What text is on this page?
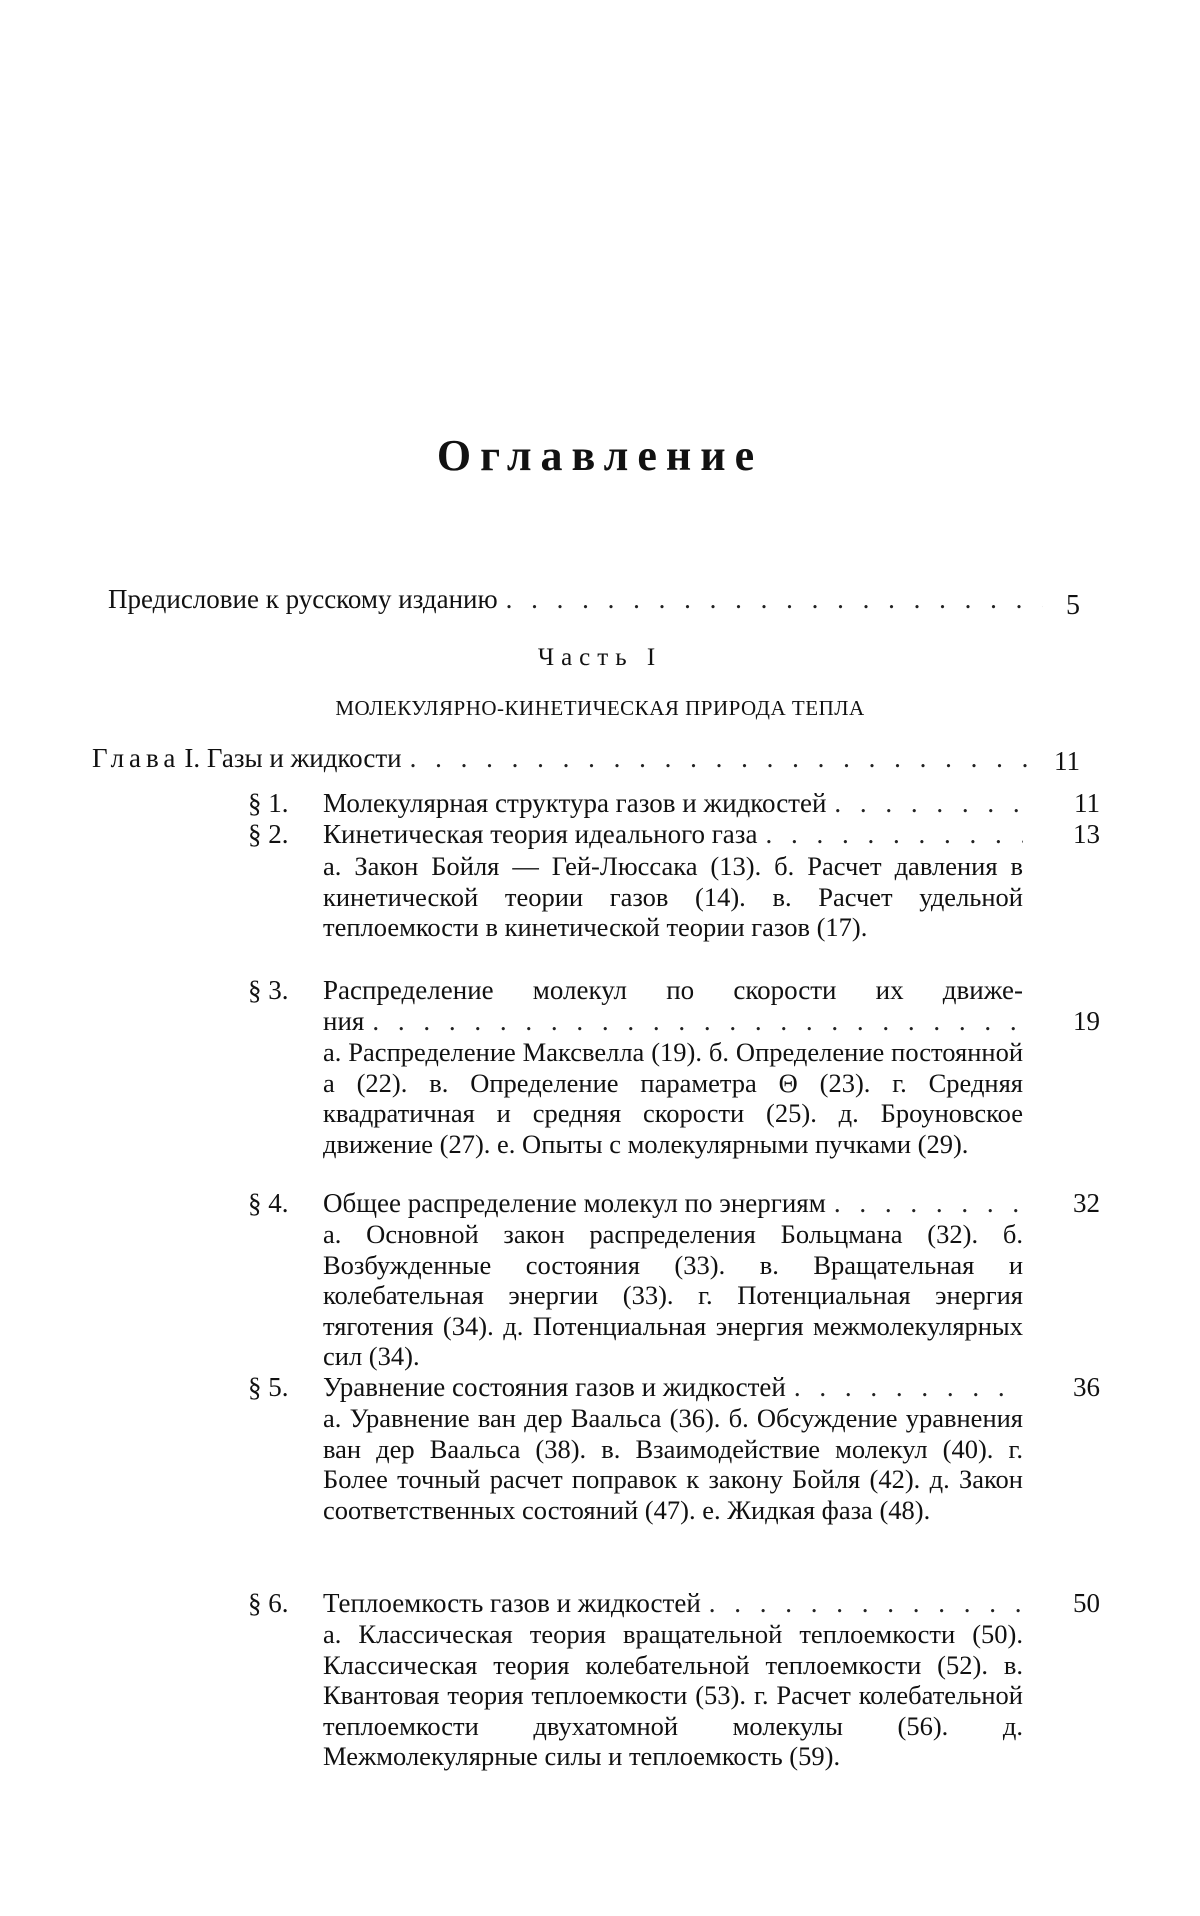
Оглавление
Предисловие к русскому изданию . . .	5
Часть I
МОЛЕКУЛЯРНО-КИНЕТИЧЕСКАЯ ПРИРОДА ТЕПЛА
Глава I. Газы и жидкости . . .	11
§ 1.	Молекулярная структура газов и жидкостей . . .	11
§ 2.	Кинетическая теория идеального газа . . .	13
а. Закон Бойля — Гей-Люссака (13). б. Расчет давления в кинетической теории газов (14). в. Расчет удельной теплоемкости в кинетической теории газов (17).
§ 3.	Распределение молекул по скорости их движе-
ния . . .	19
а. Распределение Максвелла (19). б. Определение постоянной a (22). в. Определение параметра Θ (23). г. Средняя квадратичная и средняя скорости (25). д. Броуновское движение (27). е. Опыты с молекулярными пучками (29).
§ 4.	Общее распределение молекул по энергиям . . .	32
а. Основной закон распределения Больцмана (32). б. Возбужденные состояния (33). в. Вращательная и колебательная энергии (33). г. Потенциальная энергия тяготения (34). д. Потенциальная энергия межмолекулярных сил (34).
§ 5.	Уравнение состояния газов и жидкостей . . .	36
а. Уравнение ван дер Ваальса (36). б. Обсуждение уравнения ван дер Ваальса (38). в. Взаимодействие молекул (40). г. Более точный расчет поправок к закону Бойля (42). д. Закон соответственных состояний (47). е. Жидкая фаза (48).
§ 6.	Теплоемкость газов и жидкостей . . .	50
а. Классическая теория вращательной теплоемкости (50). Классическая теория колебательной теплоемкости (52). в. Квантовая теория теплоемкости (53). г. Расчет колебательной теплоемкости двухатомной молекулы (56). д. Межмолекулярные силы и теплоемкость (59).
